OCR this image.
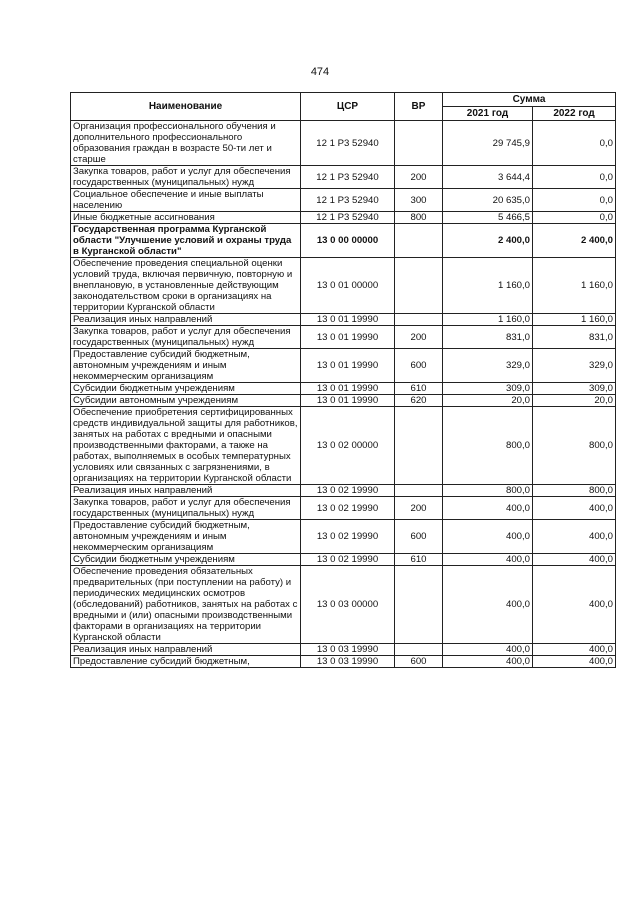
474
Наименование	ЦСР	ВР	Сумма	
			2021 год	2022 год
Организация профессионального обучения и дополнительного профессионального образования граждан в возрасте 50-ти лет и старше	12 1 Р3 52940		29 745,9	0,0
Закупка товаров, работ и услуг для обеспечения государственных (муниципальных) нужд	12 1 Р3 52940	200	3 644,4	0,0
Социальное обеспечение и иные выплаты населению	12 1 Р3 52940	300	20 635,0	0,0
Иные бюджетные ассигнования	12 1 Р3 52940	800	5 466,5	0,0
Государственная программа Курганской области "Улучшение условий и охраны труда в Курганской области"	13 0 00 00000		2 400,0	2 400,0
Обеспечение проведения специальной оценки условий труда, включая первичную, повторную и внеплановую, в установленные действующим законодательством сроки в организациях на территории Курганской области	13 0 01 00000		1 160,0	1 160,0
Реализация иных направлений	13 0 01 19990		1 160,0	1 160,0
Закупка товаров, работ и услуг для обеспечения государственных (муниципальных) нужд	13 0 01 19990	200	831,0	831,0
Предоставление субсидий бюджетным, автономным учреждениям и иным некоммерческим организациям	13 0 01 19990	600	329,0	329,0
Субсидии бюджетным учреждениям	13 0 01 19990	610	309,0	309,0
Субсидии автономным учреждениям	13 0 01 19990	620	20,0	20,0
Обеспечение приобретения сертифицированных средств индивидуальной защиты для работников, занятых на работах с вредными и опасными производственными факторами, а также на работах, выполняемых в особых температурных условиях или связанных с загрязнениями, в организациях на территории Курганской области	13 0 02 00000		800,0	800,0
Реализация иных направлений	13 0 02 19990		800,0	800,0
Закупка товаров, работ и услуг для обеспечения государственных (муниципальных) нужд	13 0 02 19990	200	400,0	400,0
Предоставление субсидий бюджетным, автономным учреждениям и иным некоммерческим организациям	13 0 02 19990	600	400,0	400,0
Субсидии бюджетным учреждениям	13 0 02 19990	610	400,0	400,0
Обеспечение проведения обязательных предварительных (при поступлении на работу) и периодических медицинских осмотров (обследований) работников, занятых на работах с вредными и (или) опасными производственными факторами в организациях на территории Курганской области	13 0 03 00000		400,0	400,0
Реализация иных направлений	13 0 03 19990		400,0	400,0
Предоставление субсидий бюджетным,	13 0 03 19990	600	400,0	400,0
